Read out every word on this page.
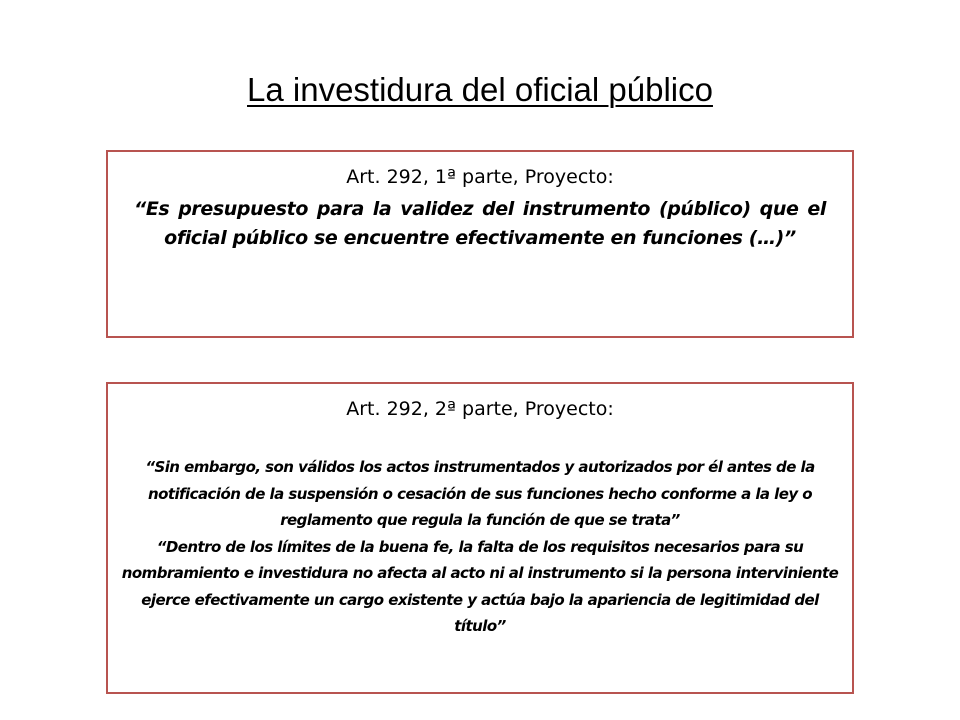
La investidura del oficial público
Art. 292, 1ª parte, Proyecto:
“Es presupuesto para la validez del instrumento (público) que el oficial público se encuentre efectivamente en funciones (…)”
Art. 292, 2ª parte, Proyecto:

“Sin embargo, son válidos los actos instrumentados y autorizados por él antes de la notificación de la suspensión o cesación de sus funciones hecho conforme a la ley o reglamento que regula la función de que se trata”

“Dentro de los límites de la buena fe, la falta de los requisitos necesarios para su nombramiento e investidura no afecta al acto ni al instrumento si la persona interviniente ejerce efectivamente un cargo existente y actúa bajo la apariencia de legitimidad del título”
